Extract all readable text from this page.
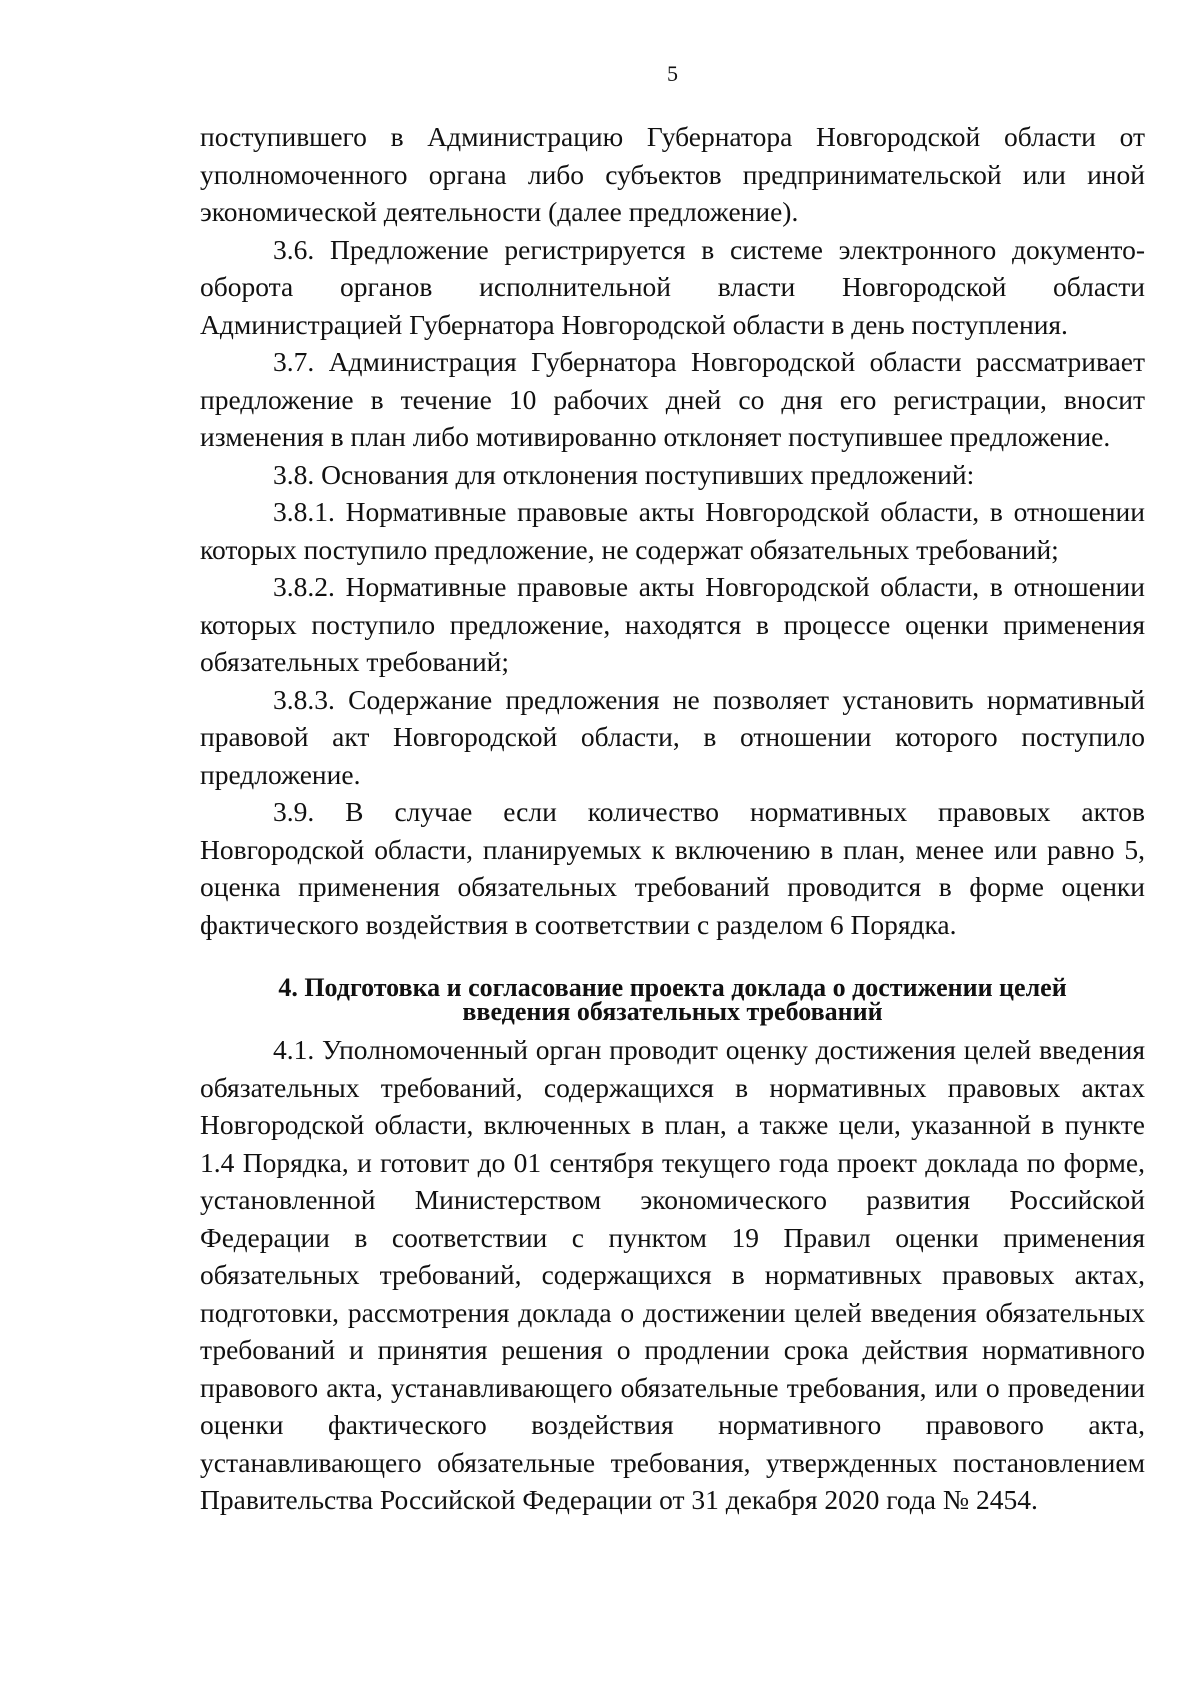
5

поступившего в Администрацию Губернатора Новгородской области от уполномоченного органа либо субъектов предпринимательской или иной экономической деятельности (далее предложение).

3.6. Предложение регистрируется в системе электронного документо-оборота органов исполнительной власти Новгородской области Администрацией Губернатора Новгородской области в день поступления.

3.7. Администрация Губернатора Новгородской области рассматривает предложение в течение 10 рабочих дней со дня его регистрации, вносит изменения в план либо мотивированно отклоняет поступившее предложение.

3.8. Основания для отклонения поступивших предложений:

3.8.1. Нормативные правовые акты Новгородской области, в отношении которых поступило предложение, не содержат обязательных требований;

3.8.2. Нормативные правовые акты Новгородской области, в отношении которых поступило предложение, находятся в процессе оценки применения обязательных требований;

3.8.3. Содержание предложения не позволяет установить нормативный правовой акт Новгородской области, в отношении которого поступило предложение.

3.9. В случае если количество нормативных правовых актов Новгородской области, планируемых к включению в план, менее или равно 5, оценка применения обязательных требований проводится в форме оценки фактического воздействия в соответствии с разделом 6 Порядка.

4. Подготовка и согласование проекта доклада о достижении целей введения обязательных требований

4.1. Уполномоченный орган проводит оценку достижения целей введения обязательных требований, содержащихся в нормативных правовых актах Новгородской области, включенных в план, а также цели, указанной в пункте 1.4 Порядка, и готовит до 01 сентября текущего года проект доклада по форме, установленной Министерством экономического развития Российской Федерации в соответствии с пунктом 19 Правил оценки применения обязательных требований, содержащихся в нормативных правовых актах, подготовки, рассмотрения доклада о достижении целей введения обязательных требований и принятия решения о продлении срока действия нормативного правового акта, устанавливающего обязательные требования, или о проведении оценки фактического воздействия нормативного правового акта, устанавливающего обязательные требования, утвержденных постановлением Правительства Российской Федерации от 31 декабря 2020 года № 2454.
